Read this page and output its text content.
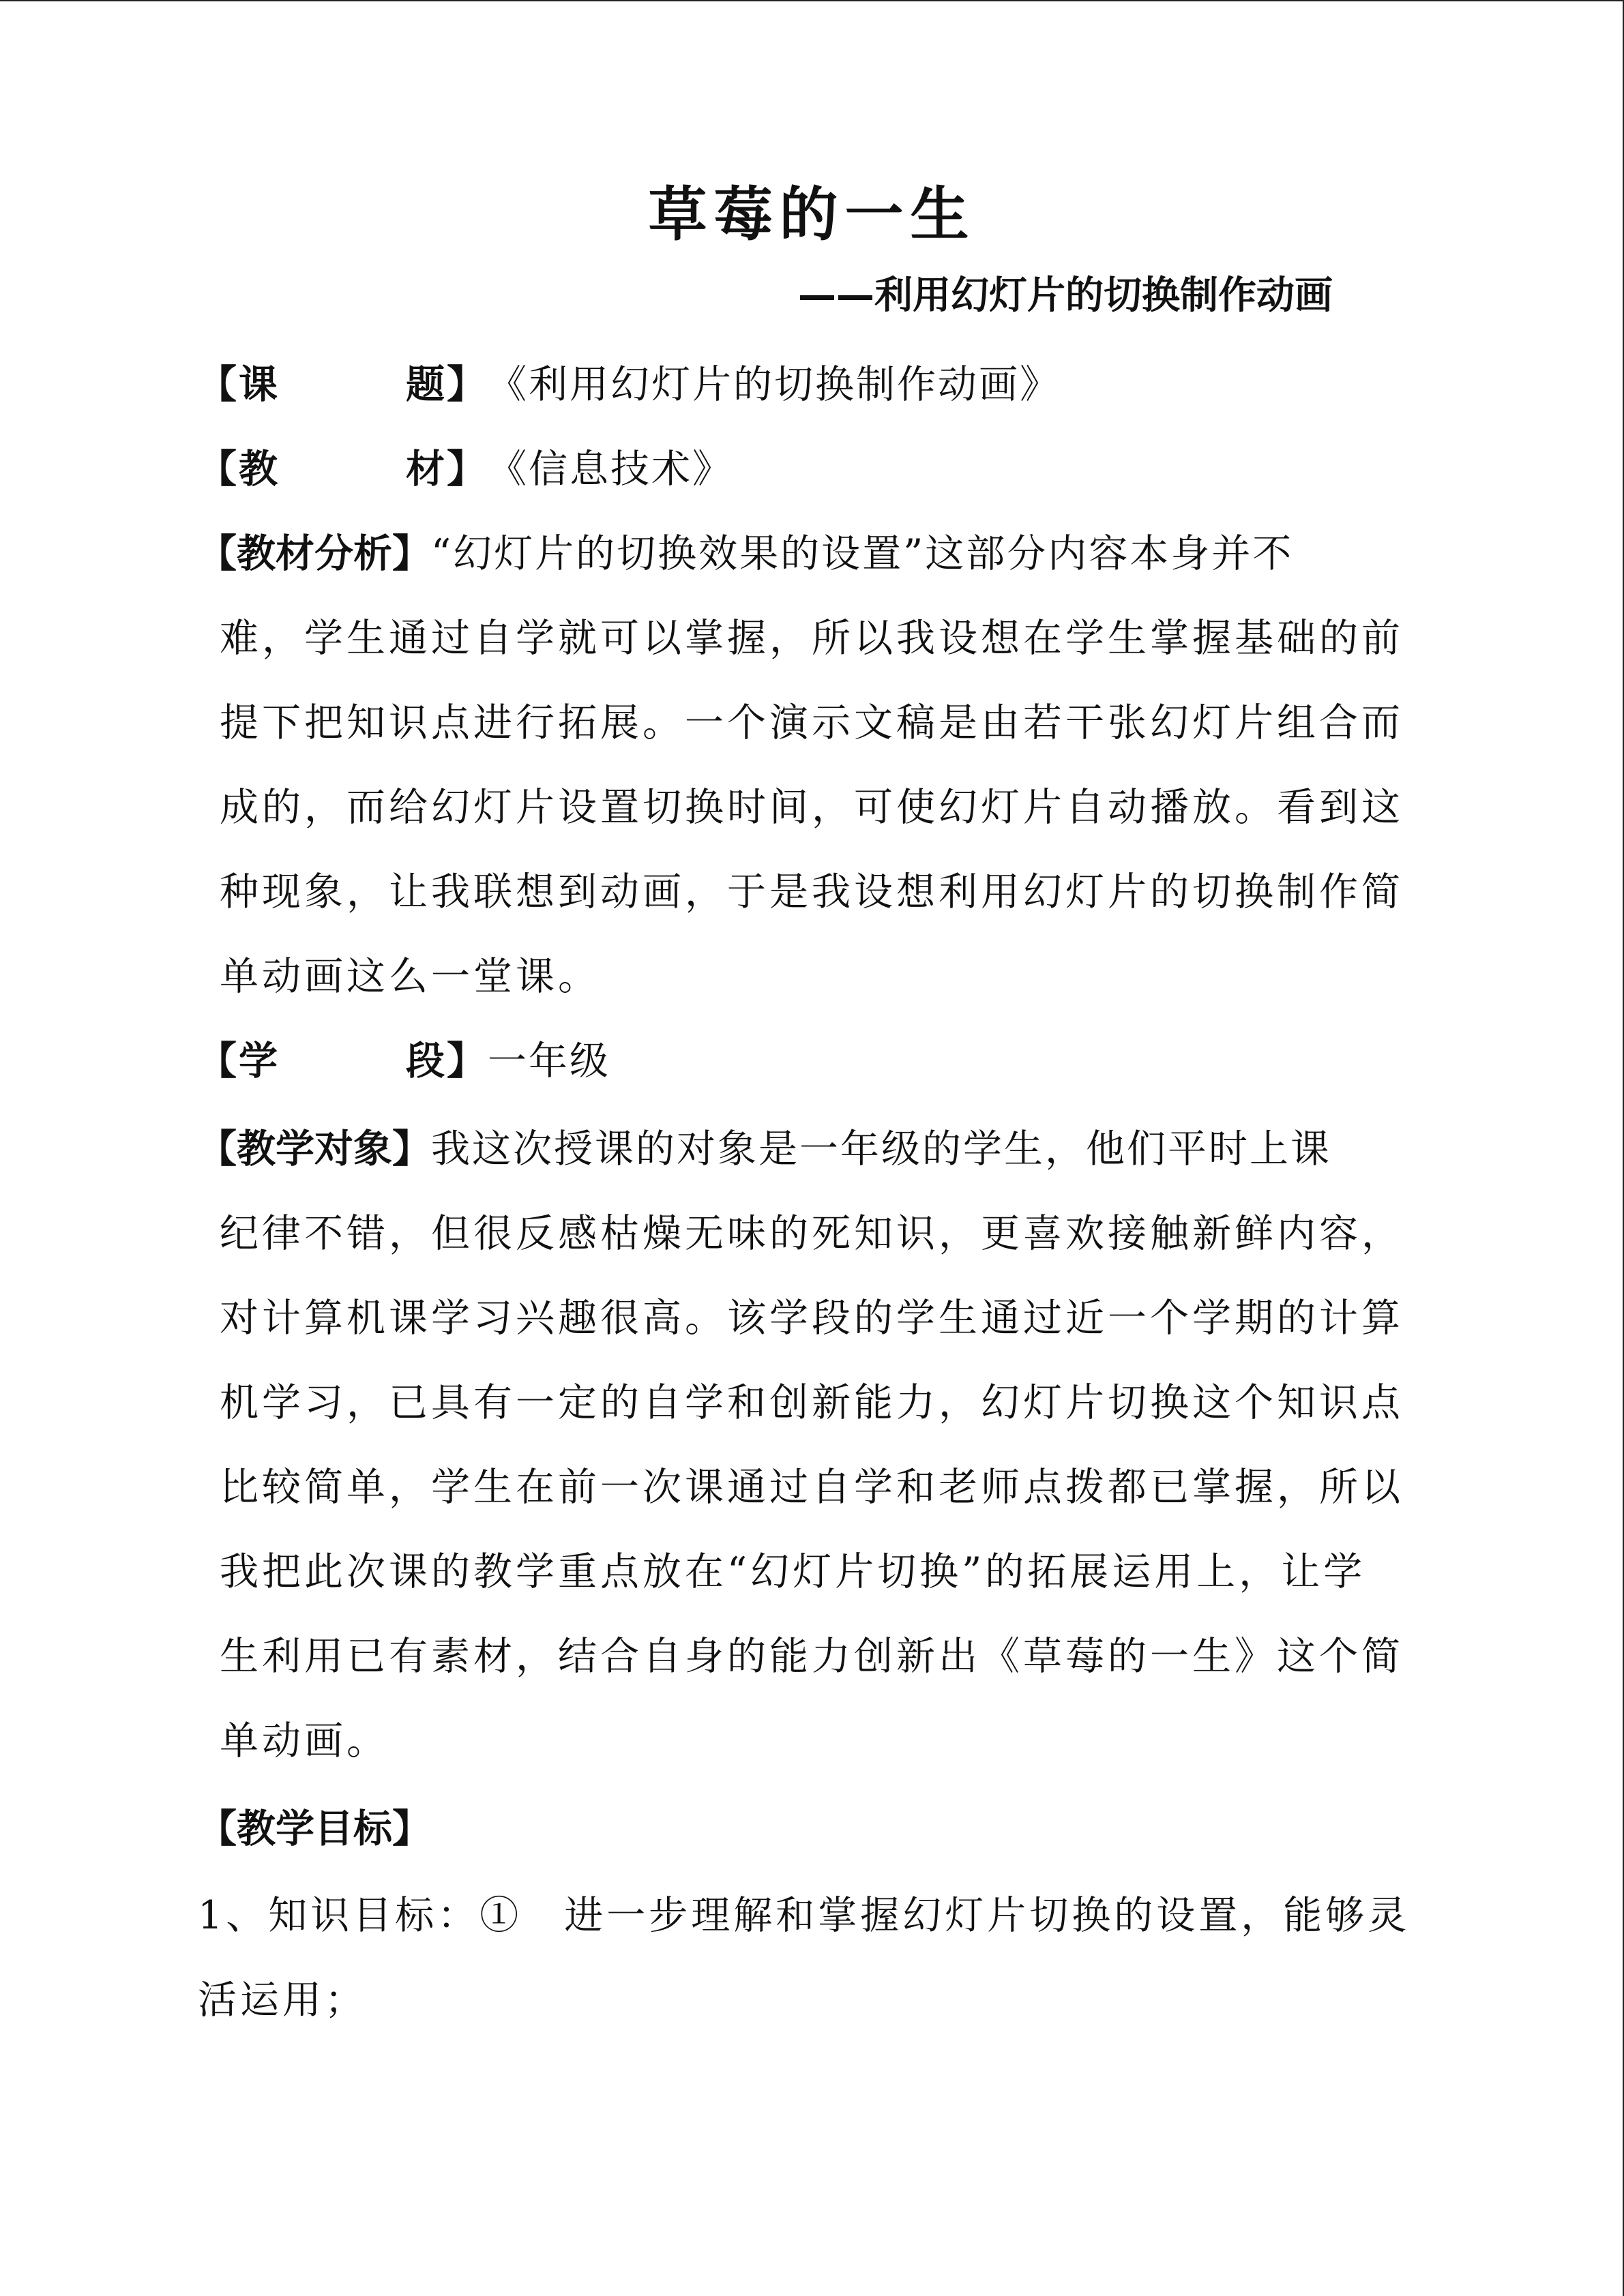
草莓的一生
——利用幻灯片的切换制作动画
【课	题】《利用幻灯片的切换制作动画》
【教	材】《信息技术》
【教材分析】“幻灯片的切换效果的设置”这部分内容本身并不
难，学生通过自学就可以掌握，所以我设想在学生掌握基础的前
提下把知识点进行拓展。一个演示文稿是由若干张幻灯片组合而
成的，而给幻灯片设置切换时间，可使幻灯片自动播放。看到这
种现象，让我联想到动画，于是我设想利用幻灯片的切换制作简
单动画这么一堂课。
【学	段】一年级
【教学对象】我这次授课的对象是一年级的学生，他们平时上课
纪律不错，但很反感枯燥无味的死知识，更喜欢接触新鲜内容，
对计算机课学习兴趣很高。该学段的学生通过近一个学期的计算
机学习，已具有一定的自学和创新能力，幻灯片切换这个知识点
比较简单，学生在前一次课通过自学和老师点拨都已掌握，所以
我把此次课的教学重点放在“幻灯片切换”的拓展运用上，让学
生利用已有素材，结合自身的能力创新出《草莓的一生》这个简
单动画。
【教学目标】
1、知识目标：①　进一步理解和掌握幻灯片切换的设置，能够灵
活运用；
